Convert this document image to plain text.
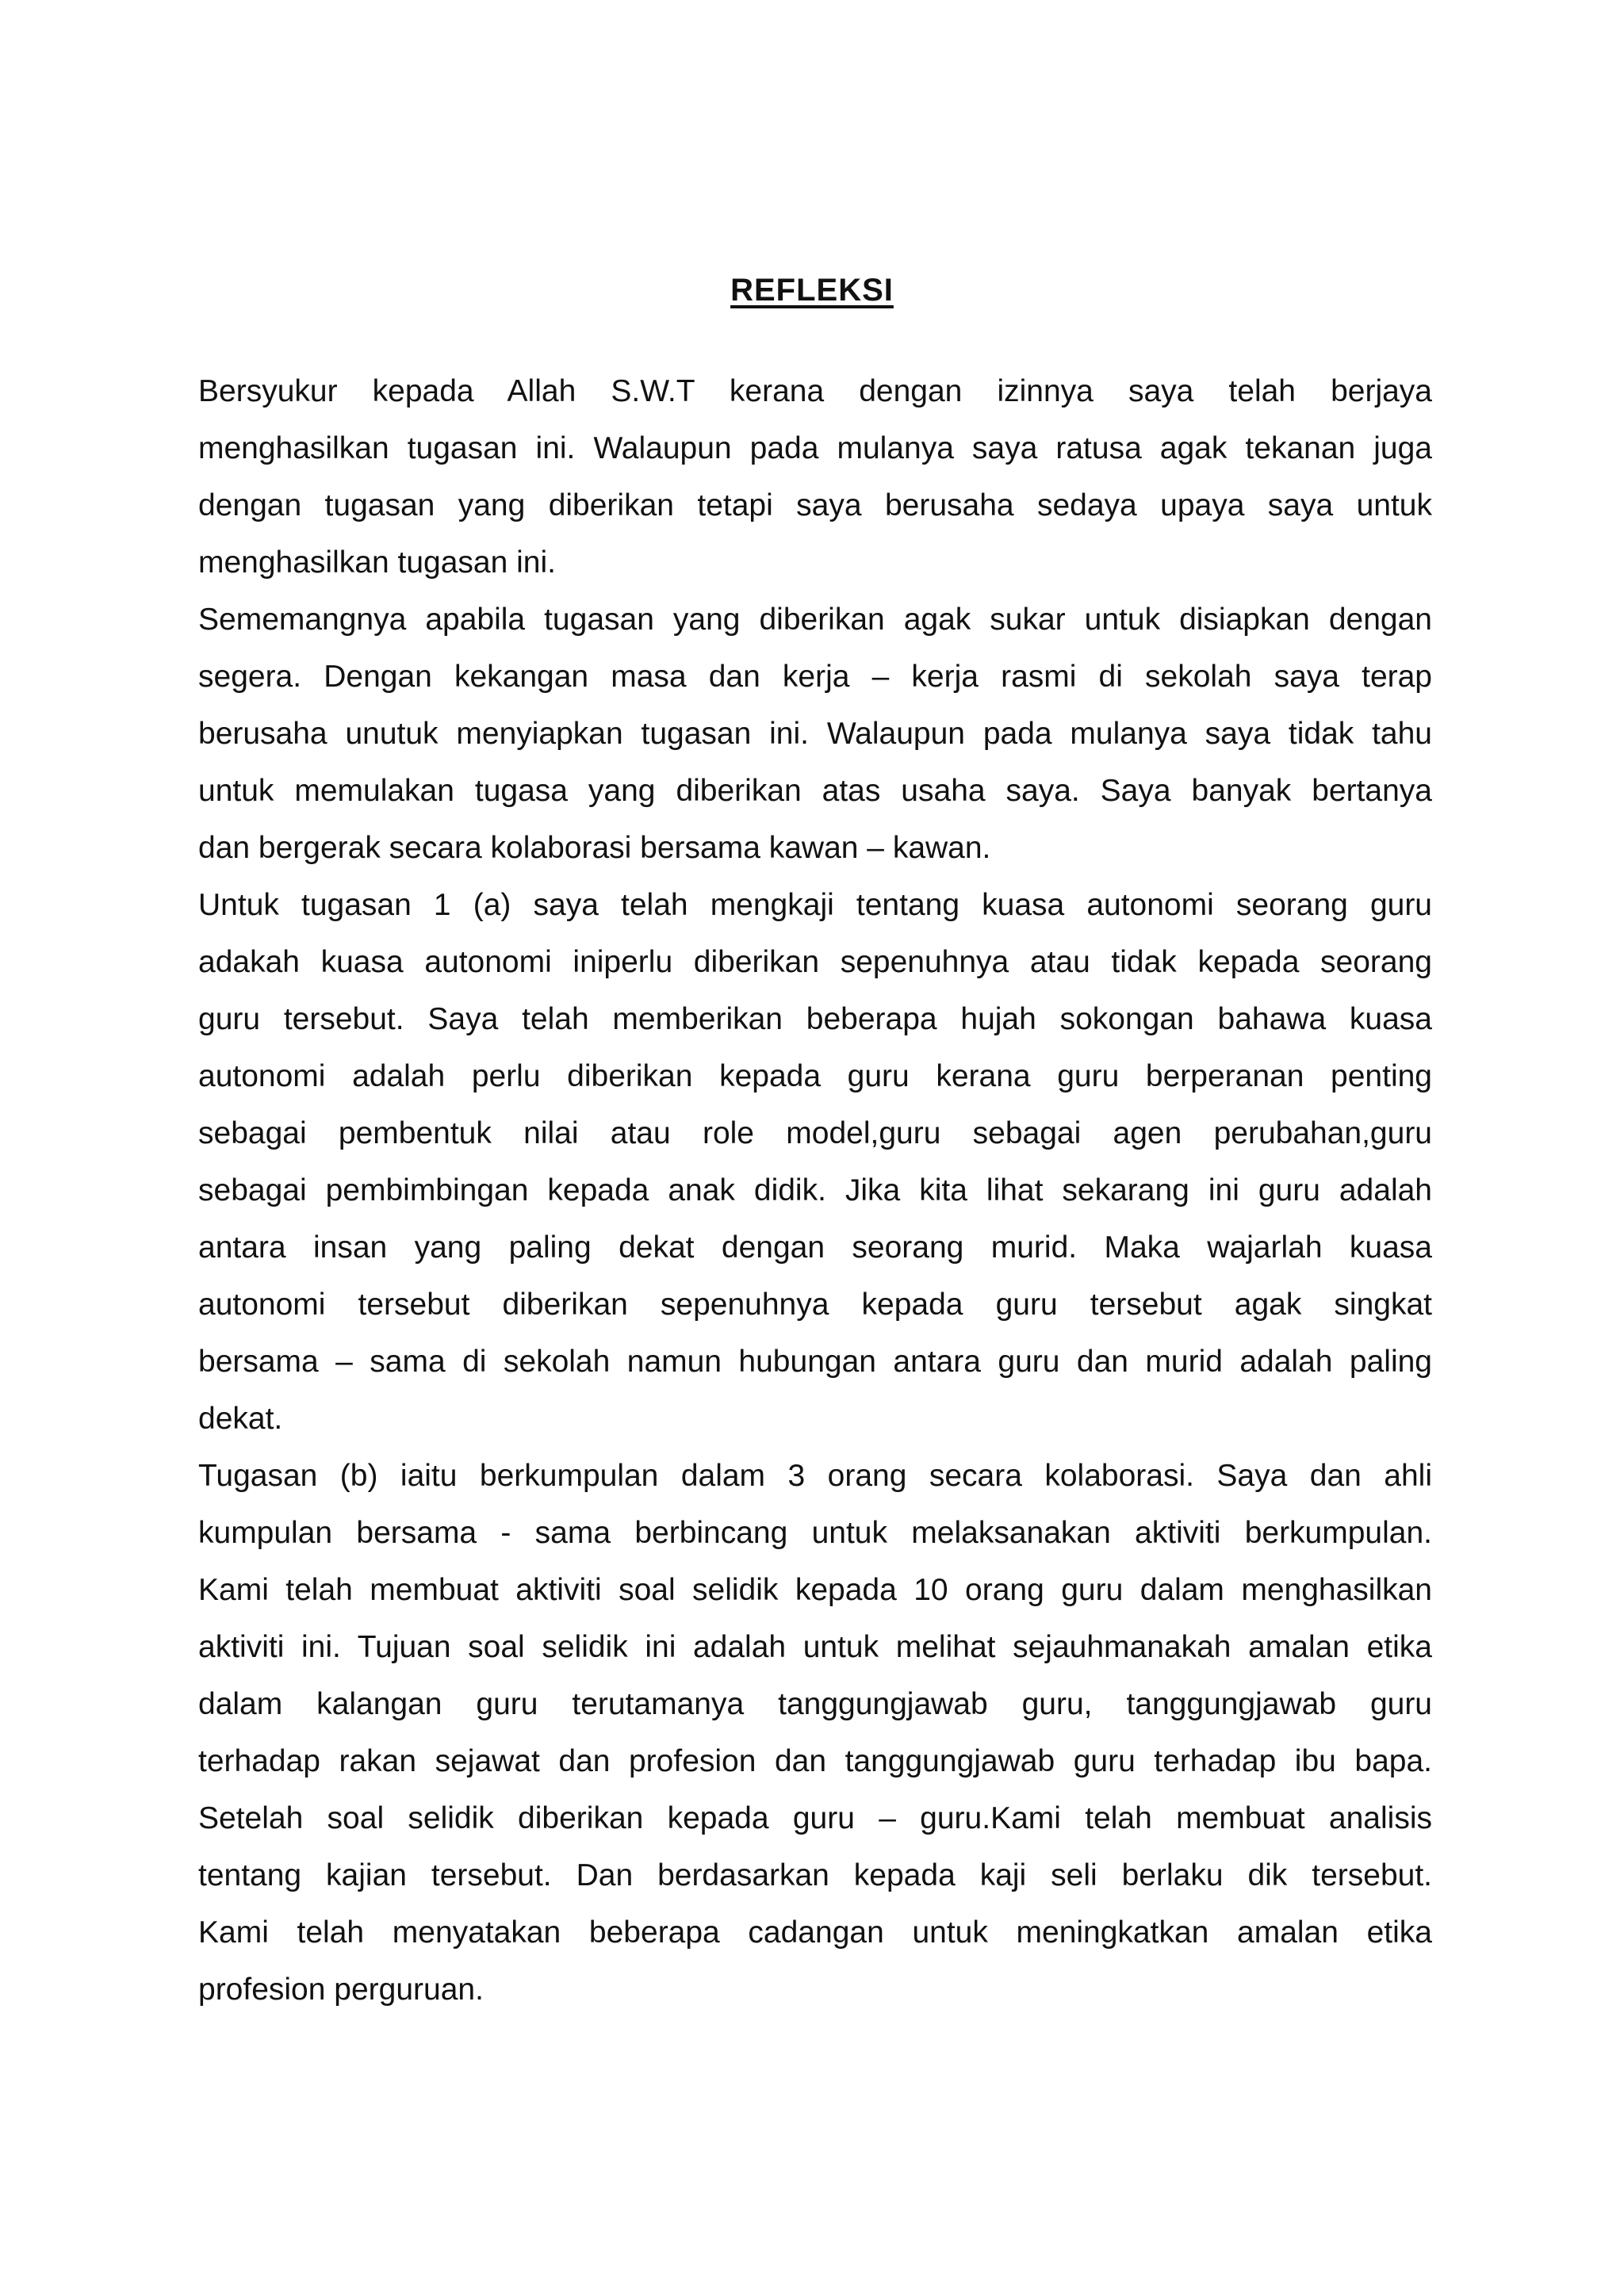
REFLEKSI
Bersyukur kepada Allah S.W.T kerana dengan izinnya saya telah berjaya
menghasilkan tugasan ini. Walaupun pada mulanya saya ratusa agak tekanan juga
dengan tugasan yang diberikan tetapi saya berusaha sedaya upaya saya untuk
menghasilkan tugasan ini.
Sememangnya apabila tugasan yang diberikan agak sukar untuk disiapkan dengan
segera. Dengan kekangan masa dan kerja – kerja rasmi di sekolah saya terap
berusaha unutuk menyiapkan tugasan ini. Walaupun pada mulanya saya tidak tahu
untuk memulakan tugasa yang diberikan atas usaha saya. Saya banyak bertanya
dan bergerak secara kolaborasi bersama kawan – kawan.
Untuk tugasan 1 (a) saya telah mengkaji tentang kuasa autonomi seorang guru
adakah kuasa autonomi iniperlu diberikan sepenuhnya atau tidak kepada seorang
guru tersebut. Saya telah memberikan beberapa hujah sokongan bahawa kuasa
autonomi adalah perlu diberikan kepada guru kerana guru berperanan penting
sebagai pembentuk nilai atau role model,guru sebagai agen perubahan,guru
sebagai pembimbingan kepada anak didik. Jika kita lihat sekarang ini guru adalah
antara insan yang paling dekat dengan seorang murid. Maka wajarlah kuasa
autonomi tersebut diberikan sepenuhnya kepada guru tersebut agak singkat
bersama – sama di sekolah namun hubungan antara guru dan murid adalah paling
dekat.
Tugasan (b) iaitu berkumpulan dalam 3 orang secara kolaborasi. Saya dan ahli
kumpulan bersama - sama berbincang untuk melaksanakan aktiviti berkumpulan.
Kami telah membuat aktiviti soal selidik kepada 10 orang guru dalam menghasilkan
aktiviti ini. Tujuan soal selidik ini adalah untuk melihat sejauhmanakah amalan etika
dalam kalangan guru terutamanya tanggungjawab guru, tanggungjawab guru
terhadap rakan sejawat dan profesion dan tanggungjawab guru terhadap ibu bapa.
Setelah soal selidik diberikan kepada guru – guru.Kami telah membuat analisis
tentang kajian tersebut. Dan berdasarkan kepada kaji seli berlaku dik tersebut.
Kami telah menyatakan beberapa cadangan untuk meningkatkan amalan etika
profesion perguruan.
